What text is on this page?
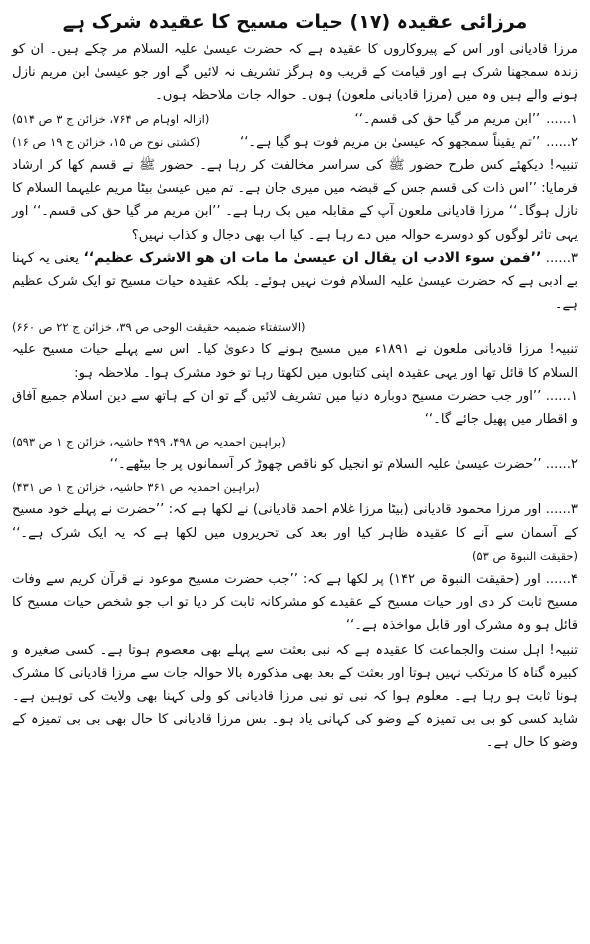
مرزائی عقیدہ (۱۷) حیات مسیح کا عقیدہ شرک ہے

مرزا قادیانی اور اس کے پیروکاروں کا عقیدہ ہے کہ حضرت عیسیٰ علیہ السلام مر چکے ہیں۔ ان کو زندہ سمجھنا شرک ہے اور قیامت کے قریب وہ ہرگز تشریف نہ لائیں گے اور جو عیسیٰ ابن مریم نازل ہونے والے ہیں وہ میں (مرزا قادیانی ملعون) ہوں۔ حوالہ جات ملاحظہ ہوں۔

۱......
’’ابن مریم مر گیا حق کی قسم۔‘‘
(ازالہ اوہام ص ۷۶۴، خزائن ج ۳ ص ۵۱۴)
۲......
’’تم یقیناً سمجھو کہ عیسیٰ بن مریم فوت ہو گیا ہے۔‘‘
(کشتی نوح ص ۱۵، خزائن ج ۱۹ ص ۱۶)

تنبیہ! دیکھئے کس طرح حضور ﷺ کی سراسر مخالفت کر رہا ہے۔ حضور ﷺ نے قسم کھا کر ارشاد فرمایا: ’’اس ذات کی قسم جس کے قبضہ میں میری جان ہے۔ تم میں عیسیٰ بیٹا مریم علیہما السلام کا نازل ہوگا۔‘‘ مرزا قادیانی ملعون آپ کے مقابلہ میں بک رہا ہے۔ ’’ابن مریم مر گیا حق کی قسم۔‘‘ اور یہی تاثر لوگوں کو دوسرے حوالہ میں دے رہا ہے۔ کیا اب بھی دجال و کذاب نہیں؟

۳...... ’’فمن سوء الادب ان یقال ان عیسیٰ ما مات ان ھو الاشرک عظیم‘‘ یعنی یہ کہنا بے ادبی ہے کہ حضرت عیسیٰ علیہ السلام فوت نہیں ہوئے۔ بلکہ عقیدہ حیات مسیح تو ایک شرک عظیم ہے۔

(الاستفتاء ضمیمہ حقیقت الوحی ص ۳۹، خزائن ج ۲۲ ص ۶۶۰)

تنبیہ! مرزا قادیانی ملعون نے ۱۸۹۱ء میں مسیح ہونے کا دعویٰ کیا۔ اس سے پہلے حیات مسیح علیہ السلام کا قائل تھا اور یہی عقیدہ اپنی کتابوں میں لکھتا رہا تو خود مشرک ہوا۔ ملاحظہ ہو:

۱...... ’’اور جب حضرت مسیح دوبارہ دنیا میں تشریف لائیں گے تو ان کے ہاتھ سے دین اسلام جمیع آفاق و اقطار میں پھیل جائے گا۔‘‘

(براہین احمدیہ ص ۴۹۸، ۴۹۹ حاشیہ، خزائن ج ۱ ص ۵۹۳)

۲...... ’’حضرت عیسیٰ علیہ السلام تو انجیل کو ناقص چھوڑ کر آسمانوں پر جا بیٹھے۔‘‘

(براہین احمدیہ ص ۳۶۱ حاشیہ، خزائن ج ۱ ص ۴۳۱)

۳...... اور مرزا محمود قادیانی (بیٹا مرزا غلام احمد قادیانی) نے لکھا ہے کہ: ’’حضرت نے پہلے خود مسیح کے آسمان سے آنے کا عقیدہ ظاہر کیا اور بعد کی تحریروں میں لکھا ہے کہ یہ ایک شرک ہے۔‘‘ (حقیقت النبوۃ ص ۵۳)

۴...... اور (حقیقت النبوۃ ص ۱۴۲) پر لکھا ہے کہ: ’’جب حضرت مسیح موعود نے قرآن کریم سے وفات مسیح ثابت کر دی اور حیات مسیح کے عقیدے کو مشرکانہ ثابت کر دیا تو اب جو شخص حیات مسیح کا قائل ہو وہ مشرک اور قابل مواخذہ ہے۔‘‘

تنبیہ! اہل سنت والجماعت کا عقیدہ ہے کہ نبی بعثت سے پہلے بھی معصوم ہوتا ہے۔ کسی صغیرہ و کبیرہ گناہ کا مرتکب نہیں ہوتا اور بعثت کے بعد بھی مذکورہ بالا حوالہ جات سے مرزا قادیانی کا مشرک ہونا ثابت ہو رہا ہے۔ معلوم ہوا کہ نبی تو نبی مرزا قادیانی کو ولی کہنا بھی ولایت کی توہین ہے۔ شاید کسی کو بی بی تمیزہ کے وضو کی کہانی یاد ہو۔ بس مرزا قادیانی کا حال بھی بی بی تمیزہ کے وضو کا حال ہے۔
